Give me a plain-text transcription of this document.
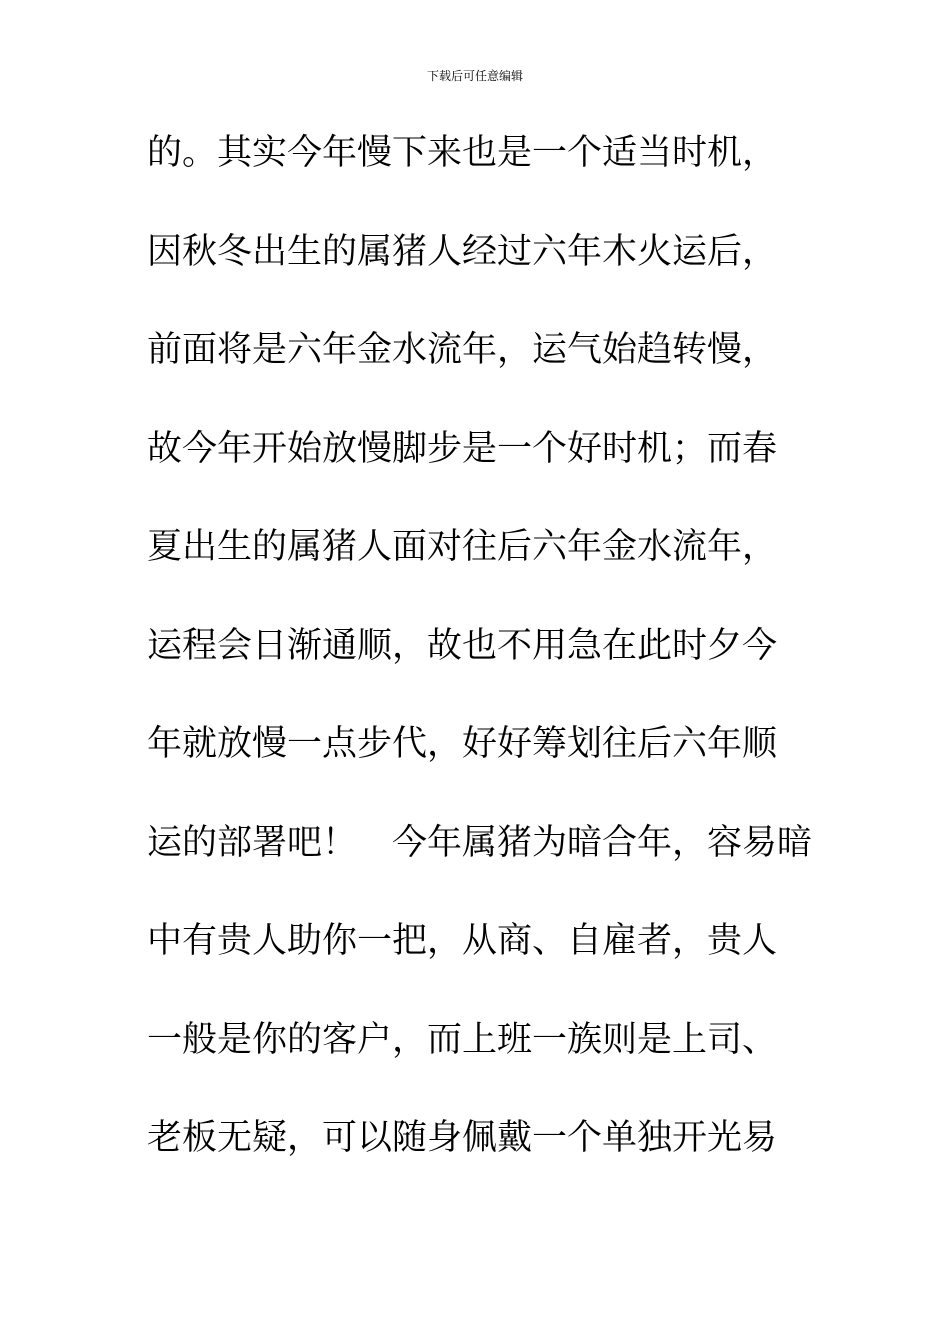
下载后可任意编辑
的。其实今年慢下来也是一个适当时机，
因秋冬出生的属猪人经过六年木火运后，
前面将是六年金水流年，运气始趋转慢，
故今年开始放慢脚步是一个好时机；而春
夏出生的属猪人面对往后六年金水流年，
运程会日渐通顺，故也不用急在此时夕今
年就放慢一点步代，好好筹划往后六年顺
运的部署吧！　今年属猪为暗合年，容易暗
中有贵人助你一把，从商、自雇者，贵人
一般是你的客户，而上班一族则是上司、
老板无疑，可以随身佩戴一个单独开光易
